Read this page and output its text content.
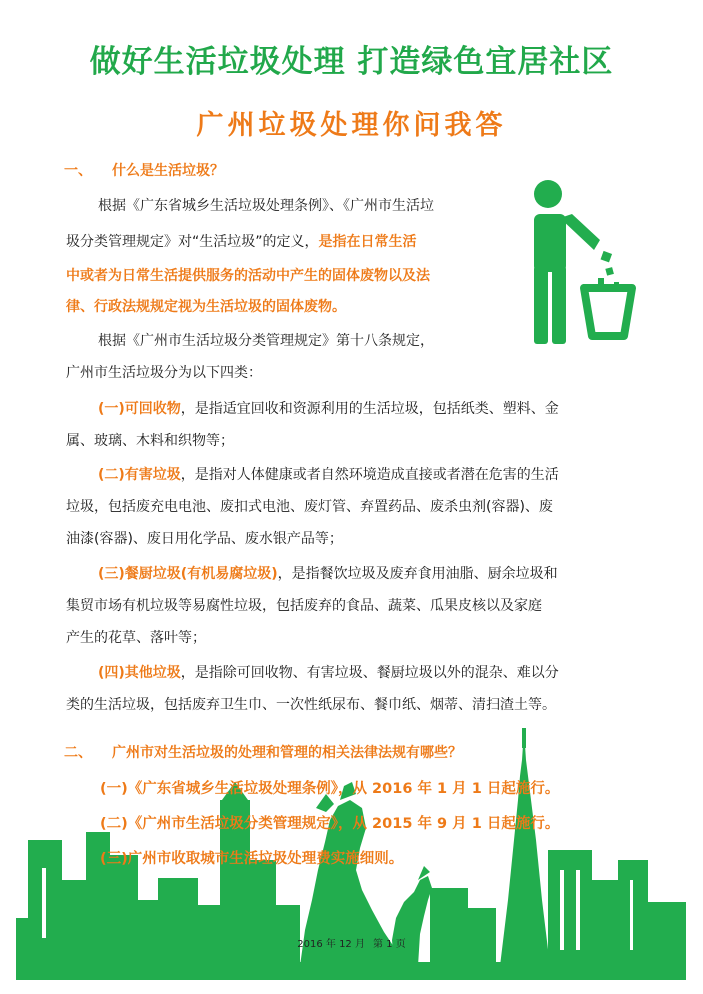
做好生活垃圾处理 打造绿色宜居社区
广州垃圾处理你问我答
一、 什么是生活垃圾？
根据《广东省城乡生活垃圾处理条例》、《广州市生活垃
圾分类管理规定》对“生活垃圾”的定义，是指在日常生活
中或者为日常生活提供服务的活动中产生的固体废物以及法
律、行政法规规定视为生活垃圾的固体废物。
根据《广州市生活垃圾分类管理规定》第十八条规定，
广州市生活垃圾分为以下四类：
(一)可回收物，是指适宜回收和资源利用的生活垃圾，包括纸类、塑料、金
属、玻璃、木料和织物等；
(二)有害垃圾，是指对人体健康或者自然环境造成直接或者潜在危害的生活
垃圾，包括废充电电池、废扣式电池、废灯管、弃置药品、废杀虫剂(容器)、废
油漆(容器)、废日用化学品、废水银产品等；
(三)餐厨垃圾(有机易腐垃圾)，是指餐饮垃圾及废弃食用油脂、厨余垃圾和
集贸市场有机垃圾等易腐性垃圾，包括废弃的食品、蔬菜、瓜果皮核以及家庭
产生的花草、落叶等；
(四)其他垃圾，是指除可回收物、有害垃圾、餐厨垃圾以外的混杂、难以分
类的生活垃圾，包括废弃卫生巾、一次性纸尿布、餐巾纸、烟蒂、清扫渣土等。
二、 广州市对生活垃圾的处理和管理的相关法律法规有哪些？
(一)《广东省城乡生活垃圾处理条例》，从 2016 年 1 月 1 日起施行。
(二)《广州市生活垃圾分类管理规定》，从 2015 年 9 月 1 日起施行。
(三)广州市收取城市生活垃圾处理费实施细则。
2016 年 12 月 第 1 页
